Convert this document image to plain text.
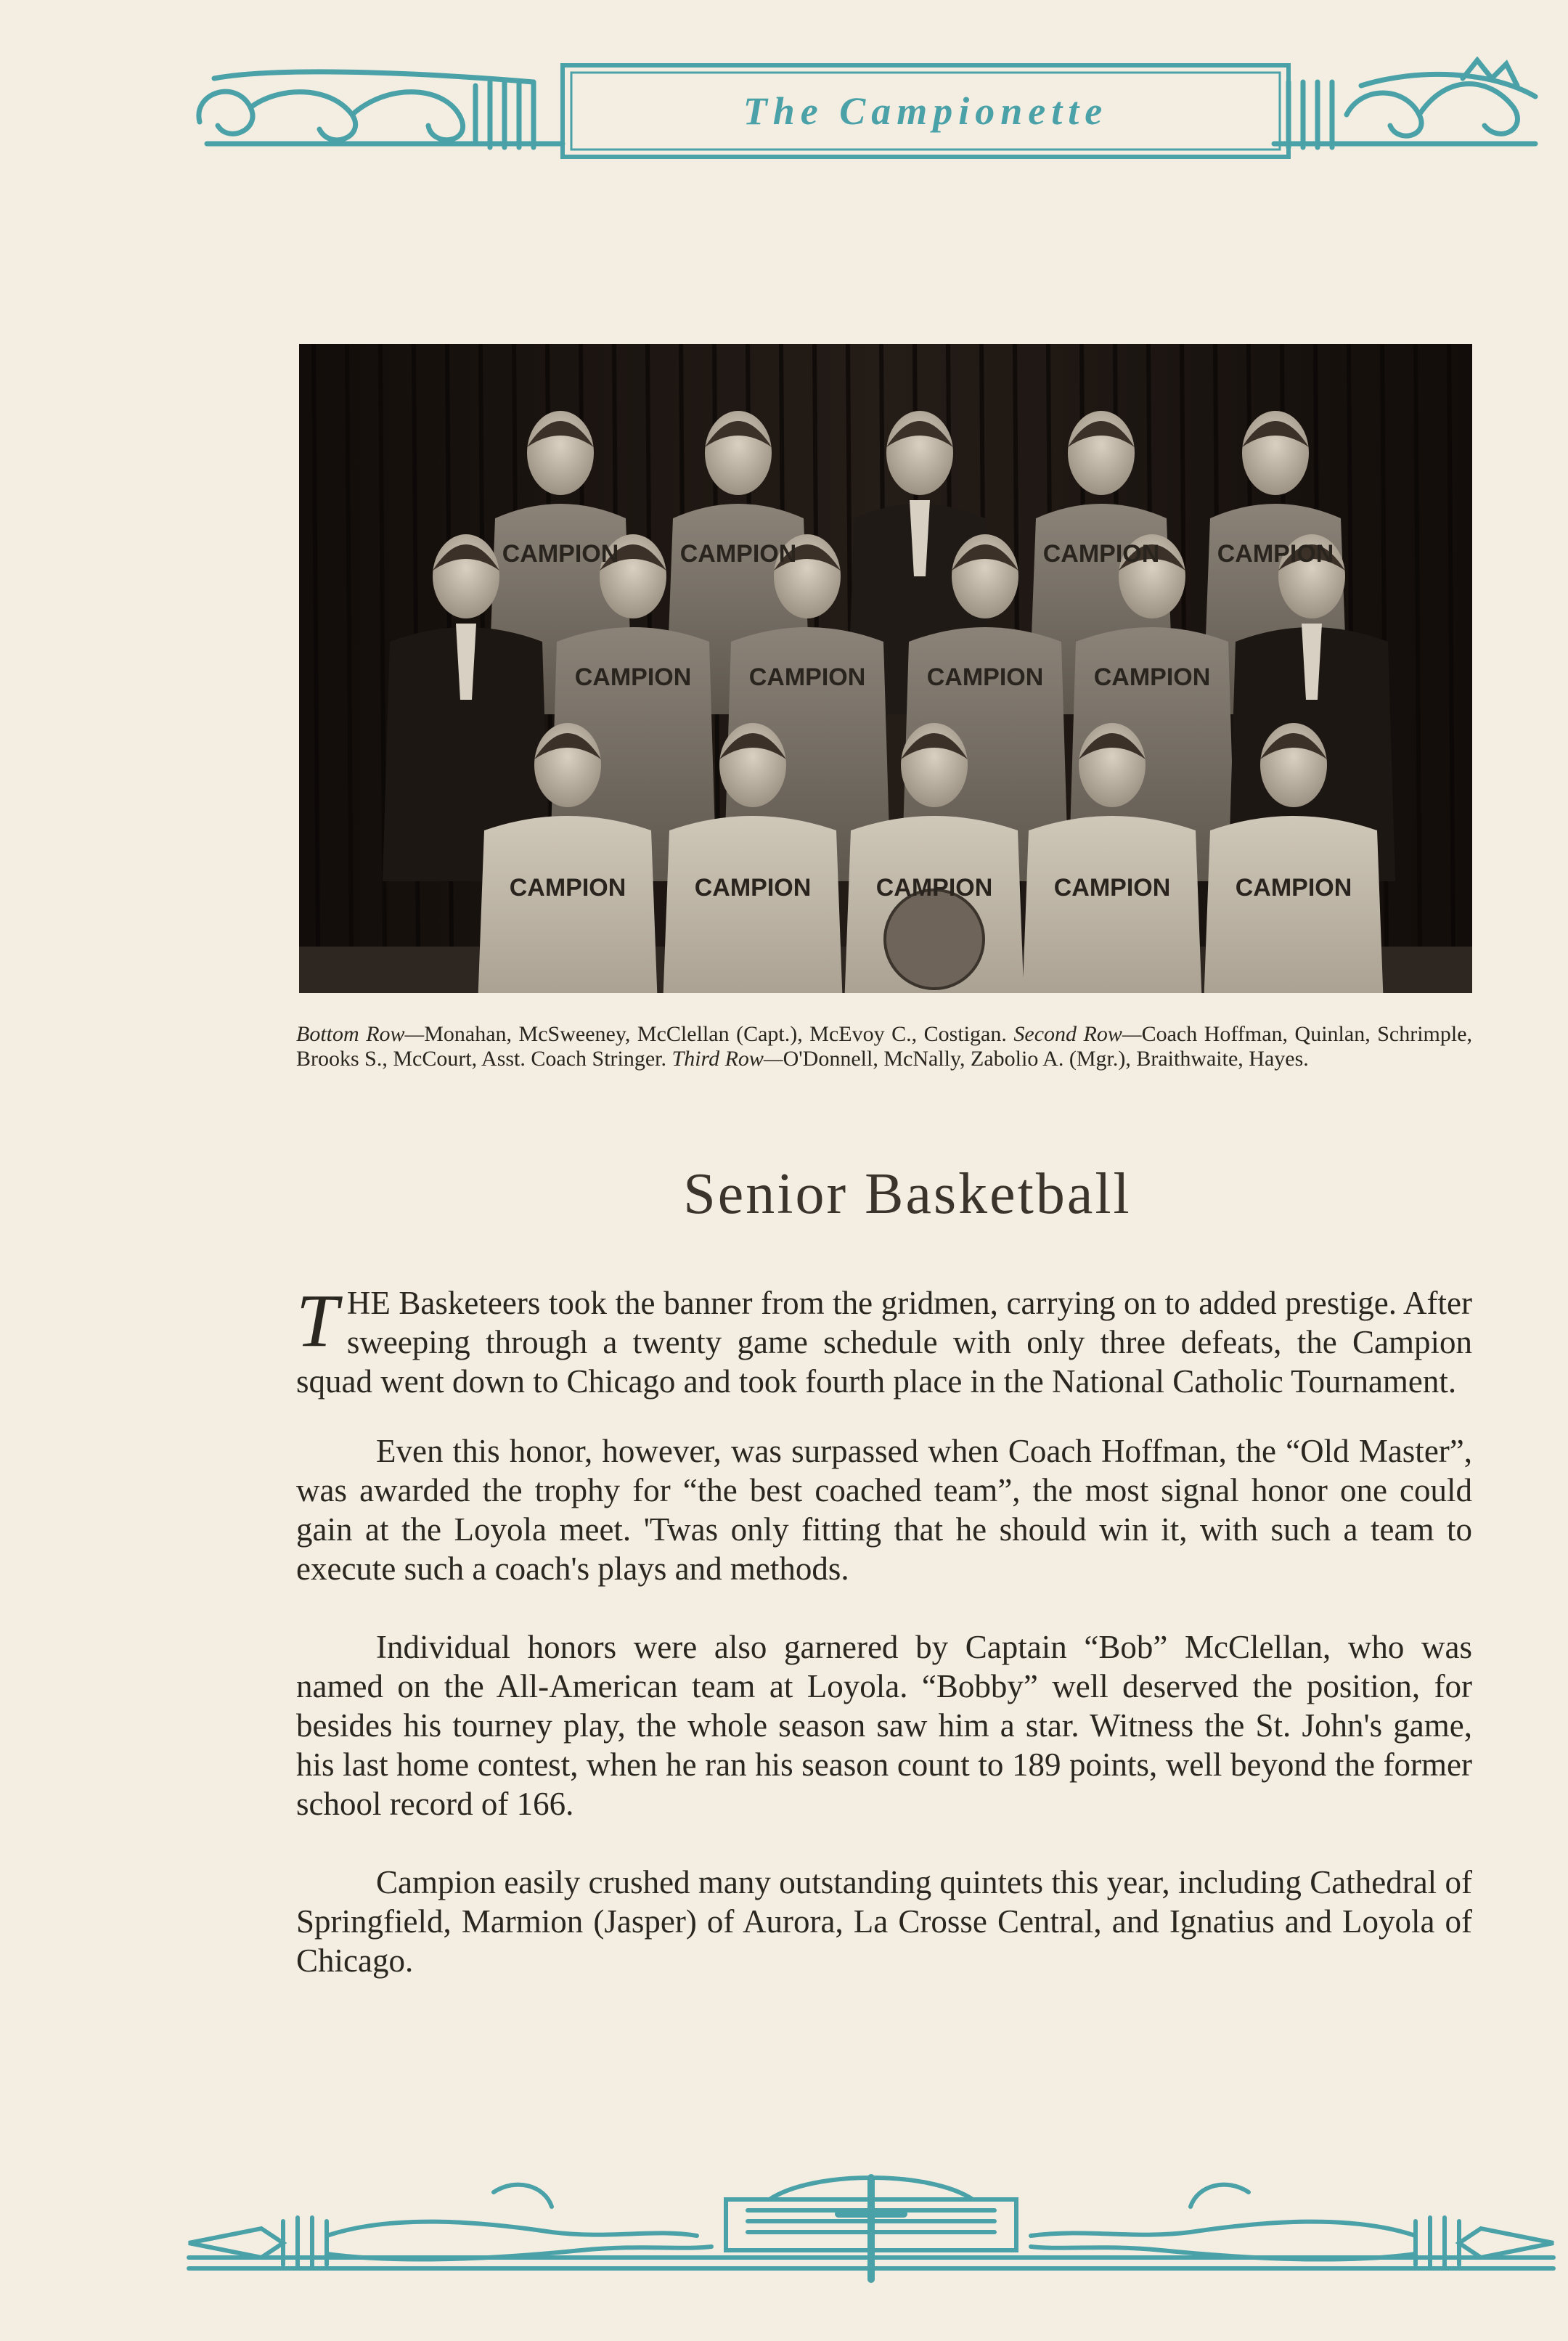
The Campionette
CAMPION CAMPION	CAMPION CAMPION
CAMPION CAMPION CAMPION CAMPION
CAMPION	CAMPION	CAMPION CAMPION	CAMPION
Bottom Row—Monahan, McSweeney, McClellan (Capt.), McEvoy C., Costigan. Second Row—Coach Hoffman, Quinlan, Schrimple, Brooks S., McCourt, Asst. Coach Stringer. Third Row—O'Donnell, McNally, Zabolio A. (Mgr.), Braithwaite, Hayes.
Senior Basketball

THE Basketeers took the banner from the gridmen, carrying on to added prestige. After sweeping through a twenty game schedule with only three defeats, the Campion squad went down to Chicago and took fourth place in the National Catholic Tournament.

Even this honor, however, was surpassed when Coach Hoffman, the “Old Master”, was awarded the trophy for “the best coached team”, the most signal honor one could gain at the Loyola meet. 'Twas only fitting that he should win it, with such a team to execute such a coach's plays and methods.

Individual honors were also garnered by Captain “Bob” McClellan, who was named on the All-American team at Loyola. “Bobby” well deserved the position, for besides his tourney play, the whole season saw him a star. Witness the St. John's game, his last home contest, when he ran his season count to 189 points, well beyond the former school record of 166.

Campion easily crushed many outstanding quintets this year, including Cathedral of Springfield, Marmion (Jasper) of Aurora, La Crosse Central, and Ignatius and Loyola of Chicago.
